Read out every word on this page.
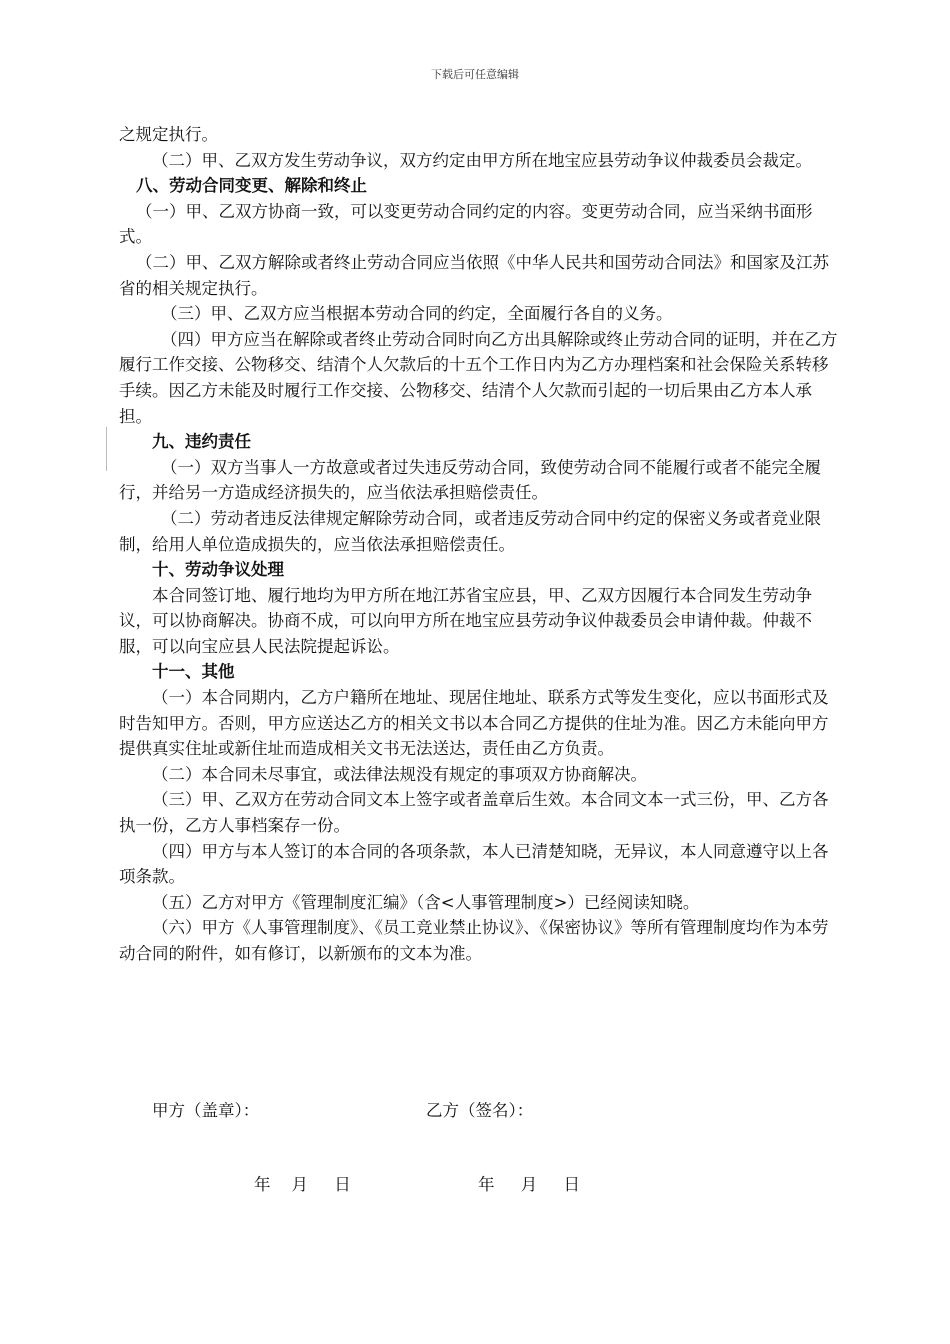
下载后可任意编辑

之规定执行。

（二）甲、乙双方发生劳动争议，双方约定由甲方所在地宝应县劳动争议仲裁委员会裁定。

八、劳动合同变更、解除和终止

（一）甲、乙双方协商一致，可以变更劳动合同约定的内容。变更劳动合同，应当采纳书面形式。

（二）甲、乙双方解除或者终止劳动合同应当依照《中华人民共和国劳动合同法》和国家及江苏省的相关规定执行。

（三）甲、乙双方应当根据本劳动合同的约定，全面履行各自的义务。

（四）甲方应当在解除或者终止劳动合同时向乙方出具解除或终止劳动合同的证明，并在乙方履行工作交接、公物移交、结清个人欠款后的十五个工作日内为乙方办理档案和社会保险关系转移手续。因乙方未能及时履行工作交接、公物移交、结清个人欠款而引起的一切后果由乙方本人承担。

九、违约责任

（一）双方当事人一方故意或者过失违反劳动合同，致使劳动合同不能履行或者不能完全履行，并给另一方造成经济损失的，应当依法承担赔偿责任。

（二）劳动者违反法律规定解除劳动合同，或者违反劳动合同中约定的保密义务或者竞业限制，给用人单位造成损失的，应当依法承担赔偿责任。

十、劳动争议处理

本合同签订地、履行地均为甲方所在地江苏省宝应县，甲、乙双方因履行本合同发生劳动争议，可以协商解决。协商不成，可以向甲方所在地宝应县劳动争议仲裁委员会申请仲裁。仲裁不服，可以向宝应县人民法院提起诉讼。

十一、其他

（一）本合同期内，乙方户籍所在地址、现居住地址、联系方式等发生变化，应以书面形式及时告知甲方。否则，甲方应送达乙方的相关文书以本合同乙方提供的住址为准。因乙方未能向甲方提供真实住址或新住址而造成相关文书无法送达，责任由乙方负责。

（二）本合同未尽事宜，或法律法规没有规定的事项双方协商解决。

（三）甲、乙双方在劳动合同文本上签字或者盖章后生效。本合同文本一式三份，甲、乙方各执一份，乙方人事档案存一份。

（四）甲方与本人签订的本合同的各项条款，本人已清楚知晓，无异议，本人同意遵守以上各项条款。

（五）乙方对甲方《管理制度汇编》（含<人事管理制度>）已经阅读知晓。

（六）甲方《人事管理制度》、《员工竞业禁止协议》、《保密协议》等所有管理制度均作为本劳动合同的附件，如有修订，以新颁布的文本为准。

甲方（盖章）：	乙方（签名）：
年    月     日	年     月     日
